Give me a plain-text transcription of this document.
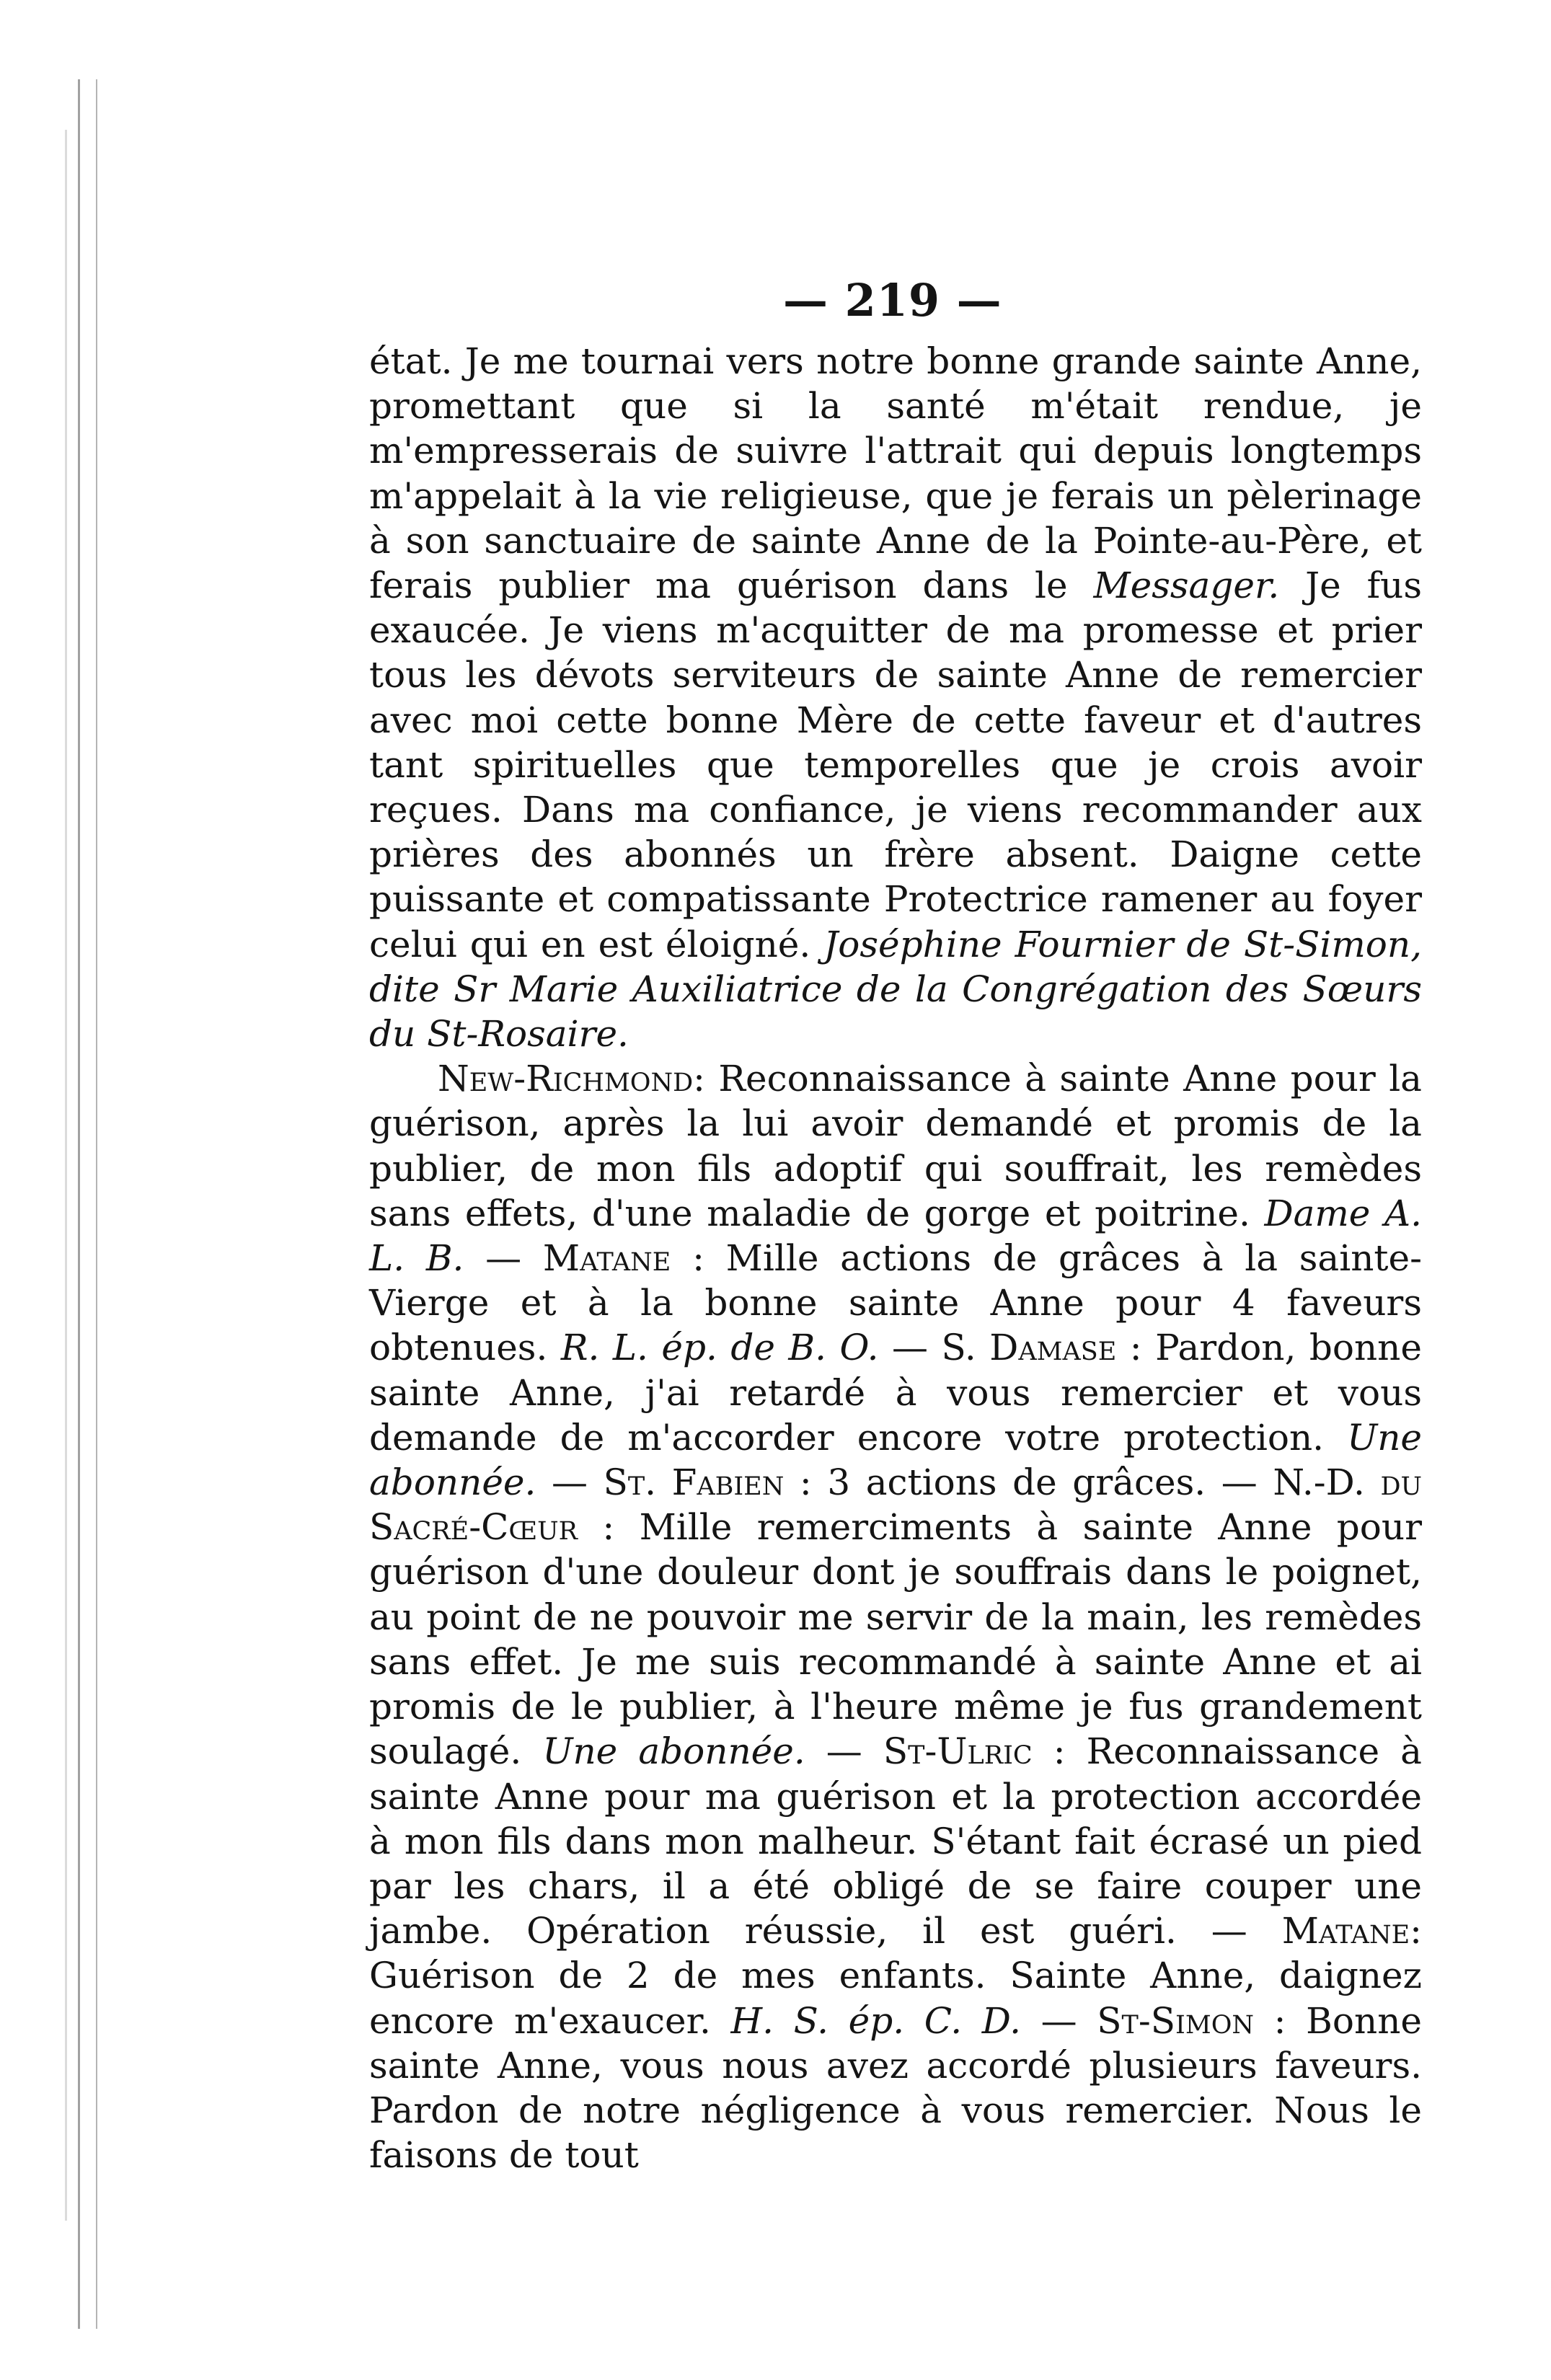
— 219 —

état. Je me tournai vers notre bonne grande sainte Anne, promettant que si la santé m'était rendue, je m'empresserais de suivre l'attrait qui depuis longtemps m'appelait à la vie religieuse, que je ferais un pèlerinage à son sanctuaire de sainte Anne de la Pointe-au-Père, et ferais publier ma guérison dans le Messager. Je fus exaucée. Je viens m'acquitter de ma promesse et prier tous les dévots serviteurs de sainte Anne de remercier avec moi cette bonne Mère de cette faveur et d'autres tant spirituelles que temporelles que je crois avoir reçues. Dans ma confiance, je viens recommander aux prières des abonnés un frère absent. Daigne cette puissante et compatissante Protectrice ramener au foyer celui qui en est éloigné. Joséphine Fournier de St-Simon, dite Sr Marie Auxiliatrice de la Congrégation des Sœurs du St-Rosaire.

New-Richmond: Reconnaissance à sainte Anne pour la guérison, après la lui avoir demandé et promis de la publier, de mon fils adoptif qui souffrait, les remèdes sans effets, d'une maladie de gorge et poitrine. Dame A. L. B. — Matane : Mille actions de grâces à la sainte-Vierge et à la bonne sainte Anne pour 4 faveurs obtenues. R. L. ép. de B. O. — S. Damase : Pardon, bonne sainte Anne, j'ai retardé à vous remercier et vous demande de m'accorder encore votre protection. Une abonnée. — St. Fabien : 3 actions de grâces. — N.-D. du Sacré-Cœur : Mille remerciments à sainte Anne pour guérison d'une douleur dont je souffrais dans le poignet, au point de ne pouvoir me servir de la main, les remèdes sans effet. Je me suis recommandé à sainte Anne et ai promis de le publier, à l'heure même je fus grandement soulagé. Une abonnée. — St-Ulric : Reconnaissance à sainte Anne pour ma guérison et la protection accordée à mon fils dans mon malheur. S'étant fait écrasé un pied par les chars, il a été obligé de se faire couper une jambe. Opération réussie, il est guéri. — Matane: Guérison de 2 de mes enfants. Sainte Anne, daignez encore m'exaucer. H. S. ép. C. D. — St-Simon : Bonne sainte Anne, vous nous avez accordé plusieurs faveurs. Pardon de notre négligence à vous remercier. Nous le faisons de tout
